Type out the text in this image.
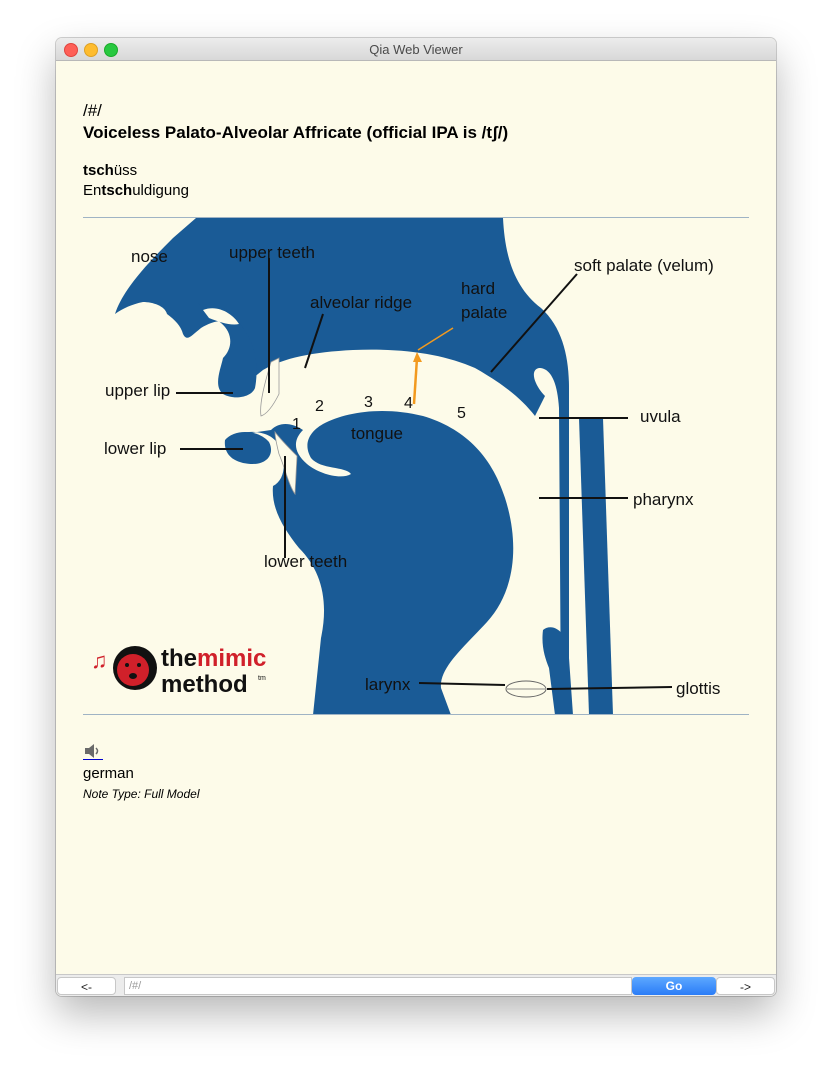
Qia Web Viewer
/#/
Voiceless Palato-Alveolar Affricate (official IPA is /tʃ/)
tschüss
Entschuldigung
nose	upper teeth
alveolar ridge
hard
palate
soft palate (velum)
upper lip
lower lip
tongue
uvula
pharynx
lower teeth
larynx	glottis
1
2	3 4
5
♫ themimic
method tm
german
Note Type: Full Model
<-	/#/	Go	->
